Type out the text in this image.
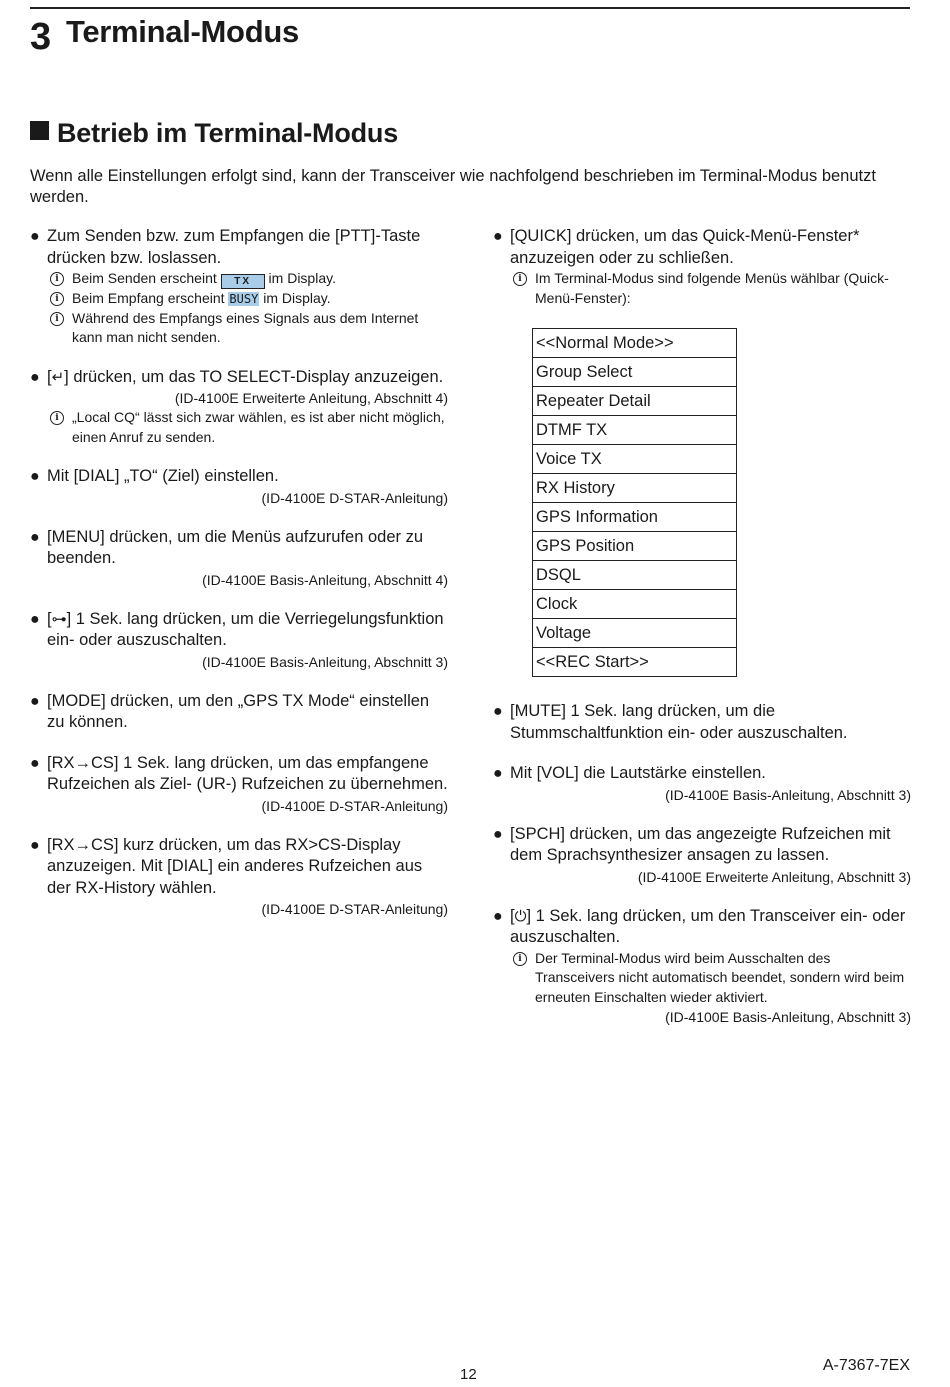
3 Terminal-Modus
Betrieb im Terminal-Modus
Wenn alle Einstellungen erfolgt sind, kann der Transceiver wie nachfolgend beschrieben im Terminal-Modus benutzt werden.
● Zum Senden bzw. zum Empfangen die [PTT]-Taste drücken bzw. loslassen.
i Beim Senden erscheint TX im Display.
i Beim Empfang erscheint BUSY im Display.
i Während des Empfangs eines Signals aus dem Internet kann man nicht senden.
● [↵] drücken, um das TO SELECT-Display anzuzeigen.
(ID-4100E Erweiterte Anleitung, Abschnitt 4)
i „Local CQ“ lässt sich zwar wählen, es ist aber nicht möglich, einen Anruf zu senden.
● Mit [DIAL] „TO“ (Ziel) einstellen.
(ID-4100E D-STAR-Anleitung)
● [MENU] drücken, um die Menüs aufzurufen oder zu beenden.
(ID-4100E Basis-Anleitung, Abschnitt 4)
● [⊶] 1 Sek. lang drücken, um die Verriegelungsfunktion ein- oder auszuschalten.
(ID-4100E Basis-Anleitung, Abschnitt 3)
● [MODE] drücken, um den „GPS TX Mode“ einstellen zu können.
● [RX→CS] 1 Sek. lang drücken, um das empfangene Rufzeichen als Ziel- (UR-) Rufzeichen zu übernehmen.
(ID-4100E D-STAR-Anleitung)
● [RX→CS] kurz drücken, um das RX>CS-Display anzuzeigen. Mit [DIAL] ein anderes Rufzeichen aus der RX-History wählen.
(ID-4100E D-STAR-Anleitung)
● [QUICK] drücken, um das Quick-Menü-Fenster* anzuzeigen oder zu schließen.
i Im Terminal-Modus sind folgende Menüs wählbar (Quick-Menü-Fenster):
<<Normal Mode>>
Group Select
Repeater Detail
DTMF TX
Voice TX
RX History
GPS Information
GPS Position
DSQL
Clock
Voltage
<<REC Start>>
● [MUTE] 1 Sek. lang drücken, um die Stummschaltfunktion ein- oder auszuschalten.
● Mit [VOL] die Lautstärke einstellen.
(ID-4100E Basis-Anleitung, Abschnitt 3)
● [SPCH] drücken, um das angezeigte Rufzeichen mit dem Sprachsynthesizer ansagen zu lassen.
(ID-4100E Erweiterte Anleitung, Abschnitt 3)
● [⏻] 1 Sek. lang drücken, um den Transceiver ein- oder auszuschalten.
i Der Terminal-Modus wird beim Ausschalten des Transceivers nicht automatisch beendet, sondern wird beim erneuten Einschalten wieder aktiviert.
(ID-4100E Basis-Anleitung, Abschnitt 3)
12
A-7367-7EX
